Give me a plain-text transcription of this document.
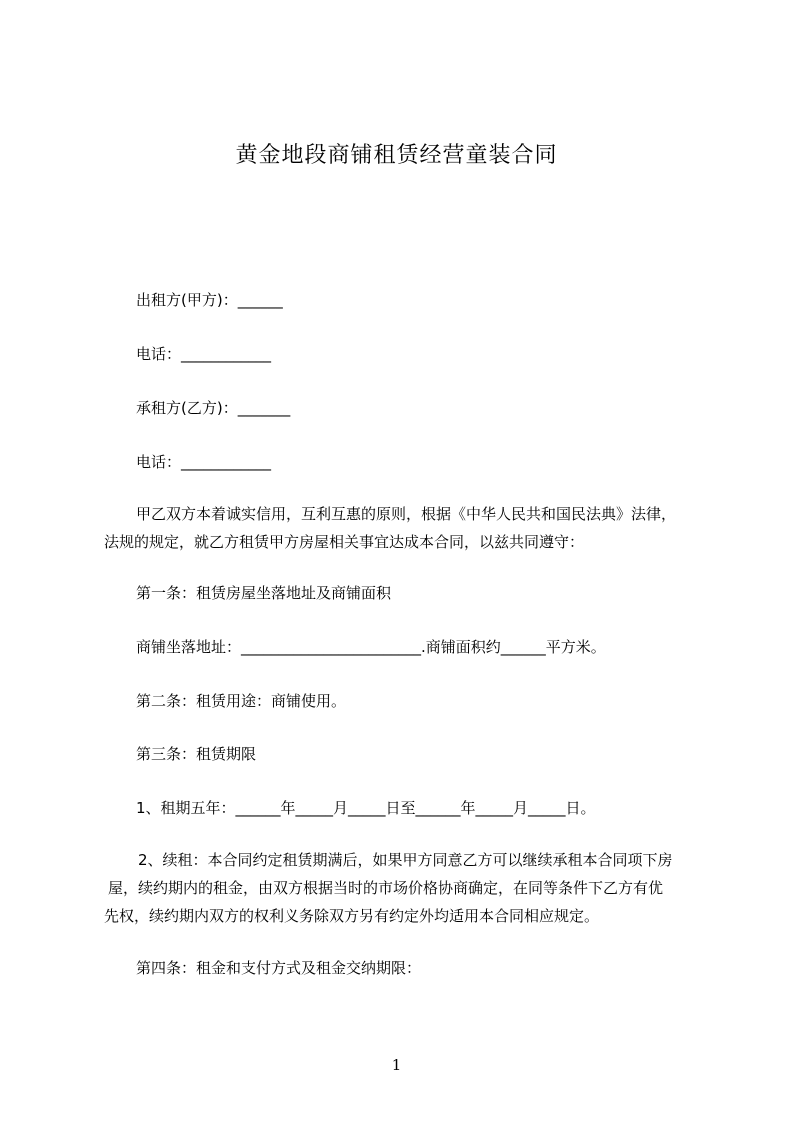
黄金地段商铺租赁经营童装合同
出租方(甲方)：______
电话：____________
承租方(乙方)：_______
电话：____________
甲乙双方本着诚实信用，互利互惠的原则，根据《中华人民共和国民法典》法律，
法规的规定，就乙方租赁甲方房屋相关事宜达成本合同，以兹共同遵守：
第一条：租赁房屋坐落地址及商铺面积
商铺坐落地址：________________________.商铺面积约______平方米。
第二条：租赁用途：商铺使用。
第三条：租赁期限
1、租期五年：______年_____月_____日至______年_____月_____日。
2、续租：本合同约定租赁期满后，如果甲方同意乙方可以继续承租本合同项下房
屋，续约期内的租金，由双方根据当时的市场价格协商确定，在同等条件下乙方有优
先权，续约期内双方的权利义务除双方另有约定外均适用本合同相应规定。
第四条：租金和支付方式及租金交纳期限：
1
